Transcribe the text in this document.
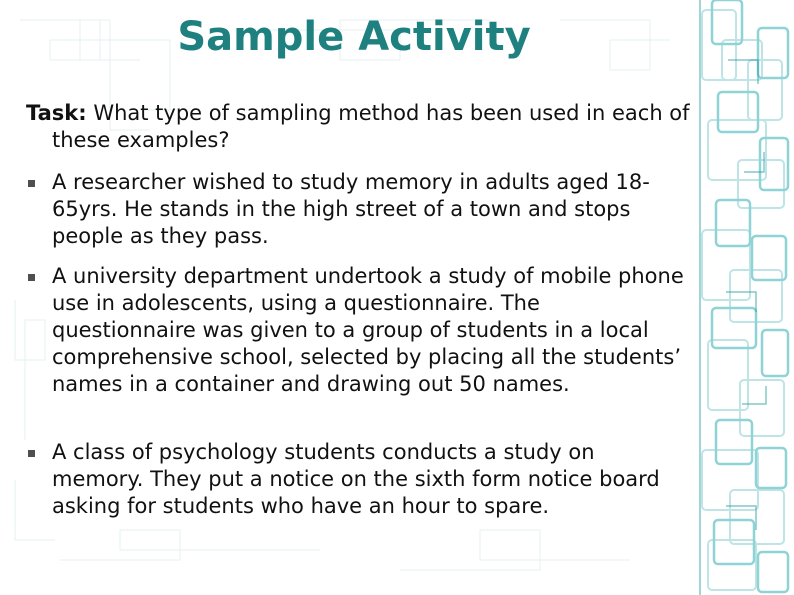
Sample Activity

Task: What type of sampling method has been used in each of these examples?

A researcher wished to study memory in adults aged 18-65yrs. He stands in the high street of a town and stops people as they pass.
A university department undertook a study of mobile phone use in adolescents, using a questionnaire. The questionnaire was given to a group of students in a local comprehensive school, selected by placing all the students’ names in a container and drawing out 50 names.
A class of psychology students conducts a study on memory. They put a notice on the sixth form notice board asking for students who have an hour to spare.
